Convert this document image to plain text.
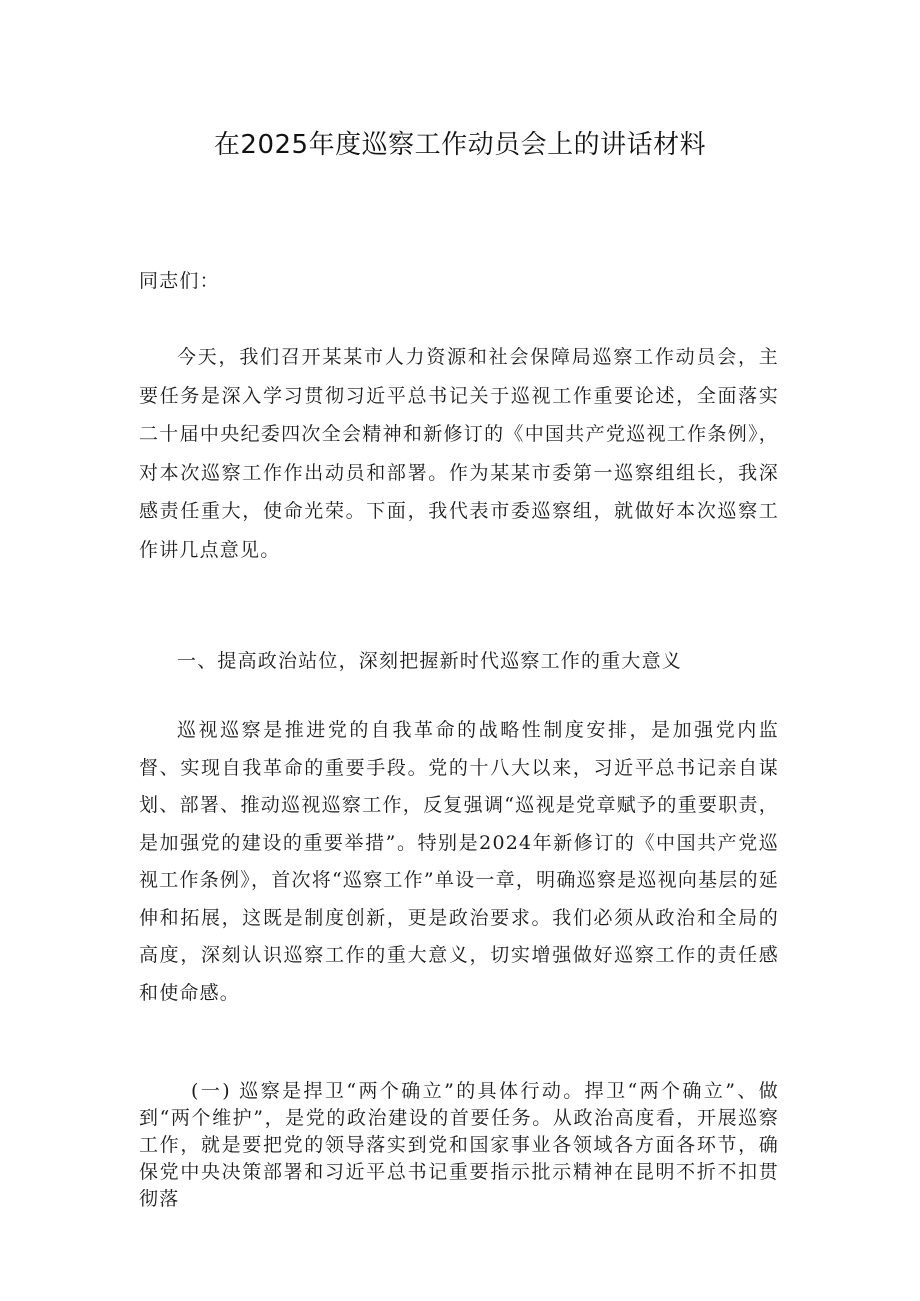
在2025年度巡察工作动员会上的讲话材料
同志们：
今天，我们召开某某市人力资源和社会保障局巡察工作动员会，主要任务是深入学习贯彻习近平总书记关于巡视工作重要论述，全面落实二十届中央纪委四次全会精神和新修订的《中国共产党巡视工作条例》，对本次巡察工作作出动员和部署。作为某某市委第一巡察组组长，我深感责任重大，使命光荣。下面，我代表市委巡察组，就做好本次巡察工作讲几点意见。
一、提高政治站位，深刻把握新时代巡察工作的重大意义
巡视巡察是推进党的自我革命的战略性制度安排，是加强党内监督、实现自我革命的重要手段。党的十八大以来，习近平总书记亲自谋划、部署、推动巡视巡察工作，反复强调“巡视是党章赋予的重要职责，是加强党的建设的重要举措”。特别是2024年新修订的《中国共产党巡视工作条例》，首次将“巡察工作”单设一章，明确巡察是巡视向基层的延伸和拓展，这既是制度创新，更是政治要求。我们必须从政治和全局的高度，深刻认识巡察工作的重大意义，切实增强做好巡察工作的责任感和使命感。
(一) 巡察是捍卫“两个确立”的具体行动。捍卫“两个确立”、做到“两个维护”，是党的政治建设的首要任务。从政治高度看，开展巡察工作，就是要把党的领导落实到党和国家事业各领域各方面各环节，确保党中央决策部署和习近平总书记重要指示批示精神在昆明不折不扣贯彻落
